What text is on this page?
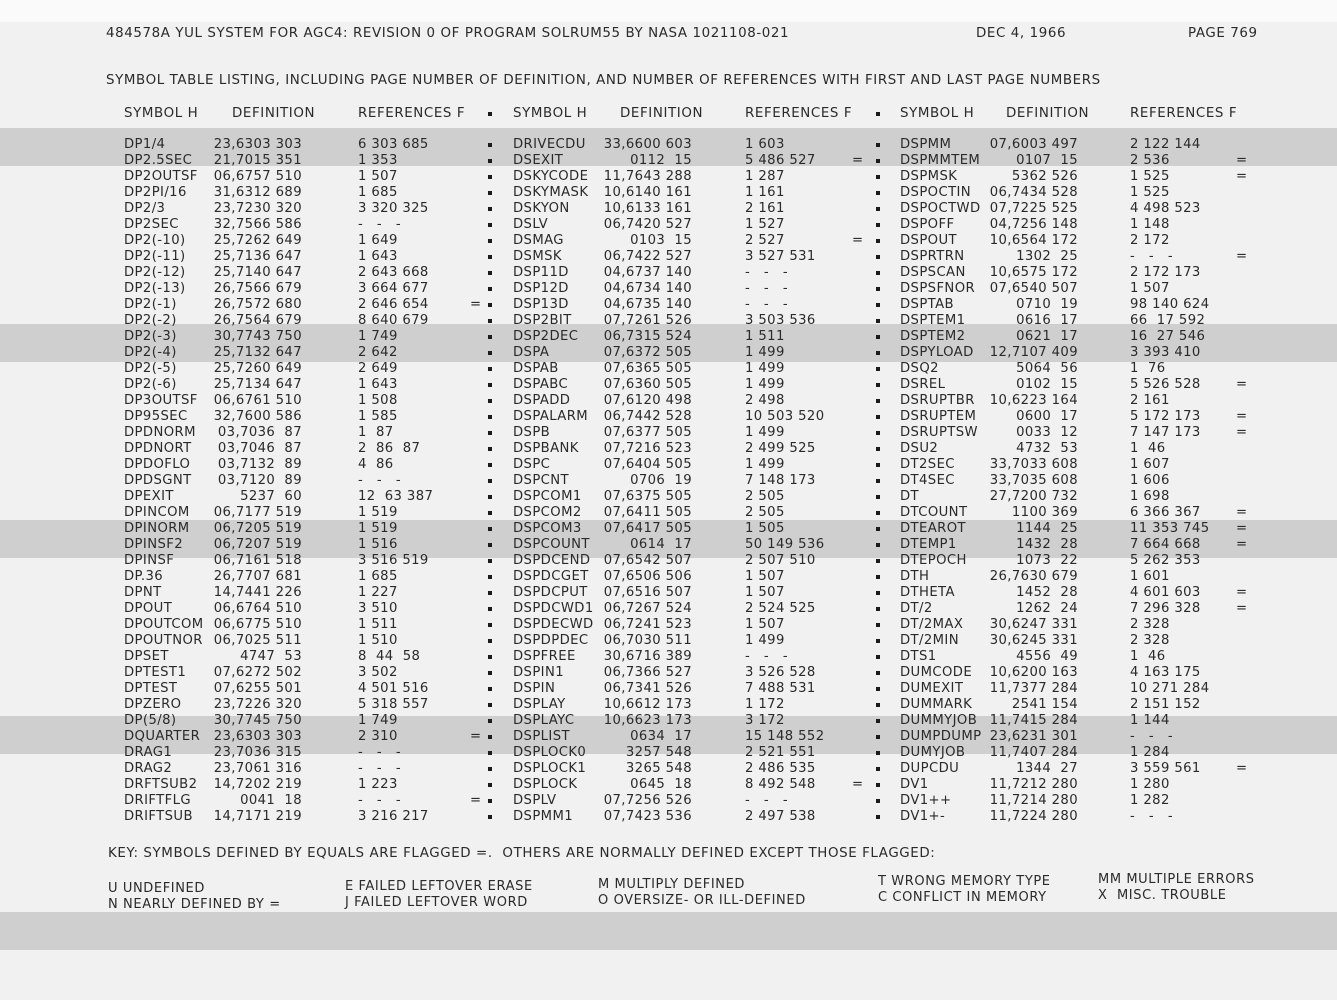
484578A YUL SYSTEM FOR AGC4: REVISION 0 OF PROGRAM SOLRUM55 BY NASA 1021108-021	DEC 4, 1966	PAGE 769
SYMBOL TABLE LISTING, INCLUDING PAGE NUMBER OF DEFINITION, AND NUMBER OF REFERENCES WITH FIRST AND LAST PAGE NUMBERS
SYMBOL H	DEFINITION	REFERENCES F	SYMBOL H DEFINITION	REFERENCES F	SYMBOL H DEFINITION	REFERENCES F
DP1/4	23,6303 303	6 303 685	DRIVECDU	33,6600 603	1 603	DSPMM	07,6003 497	2 122 144
DP2.5SEC	21,7015 351	1 353	DSEXIT	0112  15	5 486 527	=	DSPMMTEM	0107  15	2 536	=
DP2OUTSF	06,6757 510	1 507	DSKYCODE	11,7643 288	1 287	DSPMSK	5362 526	1 525	=
DP2PI/16	31,6312 689	1 685	DSKYMASK	10,6140 161	1 161	DSPOCTIN	06,7434 528	1 525
DP2/3	23,7230 320	3 320 325	DSKYON	10,6133 161	2 161	DSPOCTWD 07,7225 525	4 498 523
DP2SEC	32,7566 586	-   -   -	DSLV	06,7420 527	1 527	DSPOFF	04,7256 148	1 148
DP2(-10)	25,7262 649	1 649	DSMAG	0103  15	2 527	=	DSPOUT	10,6564 172	2 172
DP2(-11)	25,7136 647	1 643	DSMSK	06,7422 527	3 527 531	DSPRTRN	1302  25	-   -   -	=
DP2(-12)	25,7140 647	2 643 668	DSP11D	04,6737 140	-   -   -	DSPSCAN	10,6575 172	2 172 173
DP2(-13)	26,7566 679	3 664 677	DSP12D	04,6734 140	-   -   -	DSPSFNOR	07,6540 507	1 507
DP2(-1)	26,7572 680	2 646 654	= DSP13D	04,6735 140	-   -   -	DSPTAB	0710  19	98 140 624
DP2(-2)	26,7564 679	8 640 679	DSP2BIT	07,7261 526	3 503 536	DSPTEM1	0616  17	66  17 592
DP2(-3)	30,7743 750	1 749	DSP2DEC	06,7315 524	1 511	DSPTEM2	0621  17	16  27 546
DP2(-4)	25,7132 647	2 642	DSPA	07,6372 505	1 499	DSPYLOAD	12,7107 409	3 393 410
DP2(-5)	25,7260 649	2 649	DSPAB	07,6365 505	1 499	DSQ2	5064  56	1  76
DP2(-6)	25,7134 647	1 643	DSPABC	07,6360 505	1 499	DSREL	0102  15	5 526 528	=
DP3OUTSF	06,6761 510	1 508	DSPADD	07,6120 498	2 498	DSRUPTBR	10,6223 164	2 161
DP95SEC	32,7600 586	1 585	DSPALARM	06,7442 528	10 503 520	DSRUPTEM	0600  17	5 172 173	=
DPDNORM	03,7036  87	1  87	DSPB	07,6377 505	1 499	DSRUPTSW	0033  12	7 147 173	=
DPDNORT	03,7046  87	2  86  87	DSPBANK	07,7216 523	2 499 525	DSU2	4732  53	1  46
DPDOFLO	03,7132  89	4  86	DSPC	07,6404 505	1 499	DT2SEC	33,7033 608	1 607
DPDSGNT	03,7120  89	-   -   -	DSPCNT	0706  19	7 148 173	DT4SEC	33,7035 608	1 606
DPEXIT	5237  60	12  63 387	DSPCOM1	07,6375 505	2 505	DT	27,7200 732	1 698
DPINCOM	06,7177 519	1 519	DSPCOM2	07,6411 505	2 505	DTCOUNT	1100 369	6 366 367	=
DPINORM	06,7205 519	1 519	DSPCOM3	07,6417 505	1 505	DTEAROT	1144  25	11 353 745 =
DPINSF2	06,7207 519	1 516	DSPCOUNT	0614  17	50 149 536	DTEMP1	1432  28	7 664 668	=
DPINSF	06,7161 518	3 516 519	DSPDCEND	07,6542 507	2 507 510	DTEPOCH	1073  22	5 262 353
DP.36	26,7707 681	1 685	DSPDCGET	07,6506 506	1 507	DTH	26,7630 679	1 601
DPNT	14,7441 226	1 227	DSPDCPUT	07,6516 507	1 507	DTHETA	1452  28	4 601 603	=
DPOUT	06,6764 510	3 510	DSPDCWD1 06,7267 524	2 524 525	DT/2	1262  24	7 296 328	=
DPOUTCOM 06,6775 510	1 511	DSPDECWD 06,7241 523	1 507	DT/2MAX	30,6247 331	2 328
DPOUTNOR 06,7025 511	1 510	DSPDPDEC	06,7030 511	1 499	DT/2MIN	30,6245 331	2 328
DPSET	4747  53	8  44  58	DSPFREE	30,6716 389	-   -   -	DTS1	4556  49	1  46
DPTEST1	07,6272 502	3 502	DSPIN1	06,7366 527	3 526 528	DUMCODE	10,6200 163	4 163 175
DPTEST	07,6255 501	4 501 516	DSPIN	06,7341 526	7 488 531	DUMEXIT	11,7377 284	10 271 284
DPZERO	23,7226 320	5 318 557	DSPLAY	10,6612 173	1 172	DUMMARK	2541 154	2 151 152
DP(5/8)	30,7745 750	1 749	DSPLAYC	10,6623 173	3 172	DUMMYJOB 11,7415 284	1 144
DQUARTER	23,6303 303	2 310	= DSPLIST	0634  17	15 148 552	DUMPDUMP 23,6231 301	-   -   -
DRAG1	23,7036 315	-   -   -	DSPLOCK0	3257 548	2 521 551	DUMYJOB	11,7407 284	1 284
DRAG2	23,7061 316	-   -   -	DSPLOCK1	3265 548	2 486 535	DUPCDU	1344  27	3 559 561	=
DRFTSUB2	14,7202 219	1 223	DSPLOCK	0645  18	8 492 548	=	DV1	11,7212 280	1 280
DRIFTFLG	0041  18	-   -   -	= DSPLV	07,7256 526	-   -   -	DV1++	11,7214 280	1 282
DRIFTSUB	14,7171 219	3 216 217	DSPMM1	07,7423 536	2 497 538	DV1+-	11,7224 280	-   -   -
KEY: SYMBOLS DEFINED BY EQUALS ARE FLAGGED =.  OTHERS ARE NORMALLY DEFINED EXCEPT THOSE FLAGGED:
U UNDEFINED	E FAILED LEFTOVER ERASE	M MULTIPLY DEFINED	T WRONG MEMORY TYPE	MM MULTIPLE ERRORS
N NEARLY DEFINED BY =	J FAILED LEFTOVER WORD	O OVERSIZE- OR ILL-DEFINED	C CONFLICT IN MEMORY	X  MISC. TROUBLE
